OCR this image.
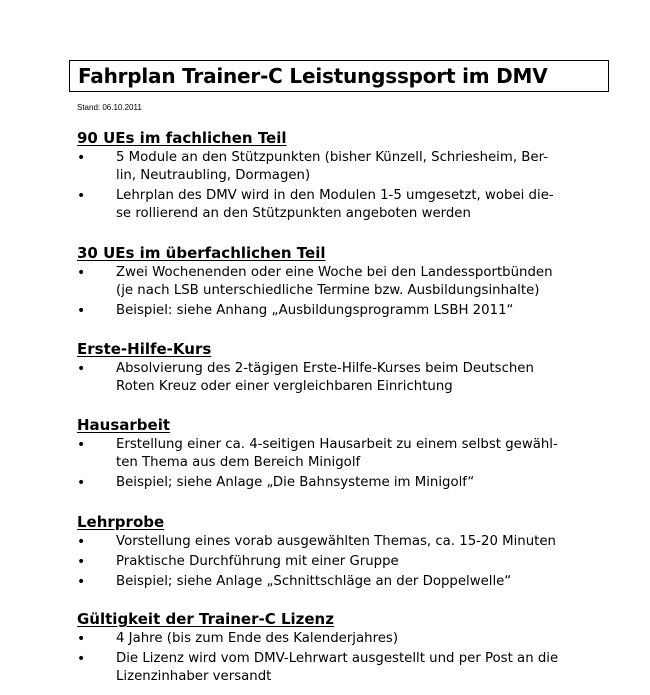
Fahrplan Trainer-C Leistungssport im DMV
Stand: 06.10.2011
90 UEs im fachlichen Teil
• 5 Module an den Stützpunkten (bisher Künzell, Schriesheim, Ber-
lin, Neutraubling, Dormagen)
• Lehrplan des DMV wird in den Modulen 1-5 umgesetzt, wobei die-
se rollierend an den Stützpunkten angeboten werden
30 UEs im überfachlichen Teil
• Zwei Wochenenden oder eine Woche bei den Landessportbünden
(je nach LSB unterschiedliche Termine bzw. Ausbildungsinhalte)
• Beispiel: siehe Anhang „Ausbildungsprogramm LSBH 2011“
Erste-Hilfe-Kurs
• Absolvierung des 2-tägigen Erste-Hilfe-Kurses beim Deutschen
Roten Kreuz oder einer vergleichbaren Einrichtung
Hausarbeit
• Erstellung einer ca. 4-seitigen Hausarbeit zu einem selbst gewähl-
ten Thema aus dem Bereich Minigolf
• Beispiel; siehe Anlage „Die Bahnsysteme im Minigolf“
Lehrprobe
• Vorstellung eines vorab ausgewählten Themas, ca. 15-20 Minuten
• Praktische Durchführung mit einer Gruppe
• Beispiel; siehe Anlage „Schnittschläge an der Doppelwelle“
Gültigkeit der Trainer-C Lizenz
• 4 Jahre (bis zum Ende des Kalenderjahres)
• Die Lizenz wird vom DMV-Lehrwart ausgestellt und per Post an die
Lizenzinhaber versandt
